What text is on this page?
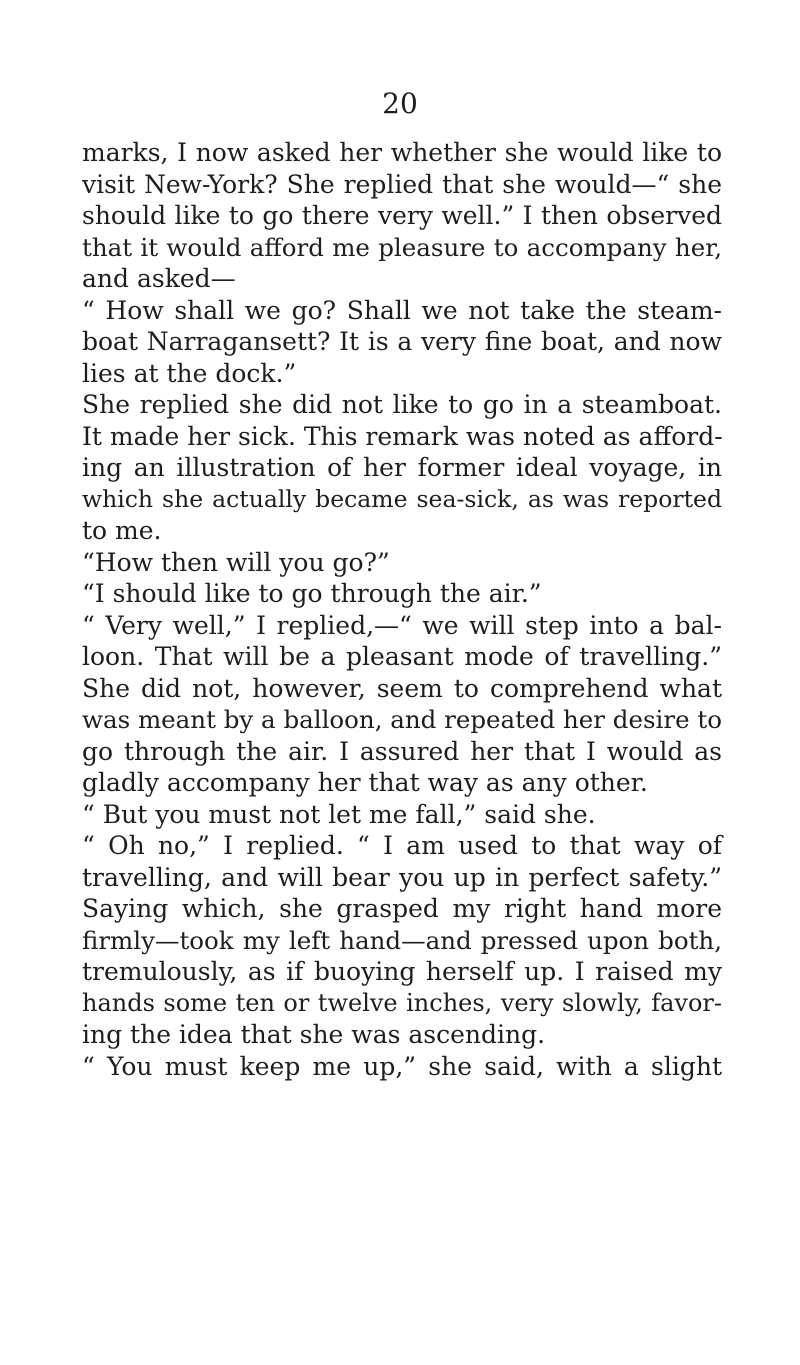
20
marks, I now asked her whether she would like to
visit New-York? She replied that she would—“ she
should like to go there very well.” I then observed
that it would afford me pleasure to accompany her,
and asked—
“ How shall we go? Shall we not take the steam-
boat Narragansett? It is a very fine boat, and now
lies at the dock.”
She replied she did not like to go in a steamboat.
It made her sick. This remark was noted as afford-
ing an illustration of her former ideal voyage, in
which she actually became sea-sick, as was reported
to me.
“How then will you go?”
“I should like to go through the air.”
“ Very well,” I replied,—“ we will step into a bal-
loon. That will be a pleasant mode of travelling.”
She did not, however, seem to comprehend what
was meant by a balloon, and repeated her desire to
go through the air. I assured her that I would as
gladly accompany her that way as any other.
“ But you must not let me fall,” said she.
“ Oh no,” I replied. “ I am used to that way of
travelling, and will bear you up in perfect safety.”
Saying which, she grasped my right hand more
firmly—took my left hand—and pressed upon both,
tremulously, as if buoying herself up. I raised my
hands some ten or twelve inches, very slowly, favor-
ing the idea that she was ascending.
“ You must keep me up,” she said, with a slight
